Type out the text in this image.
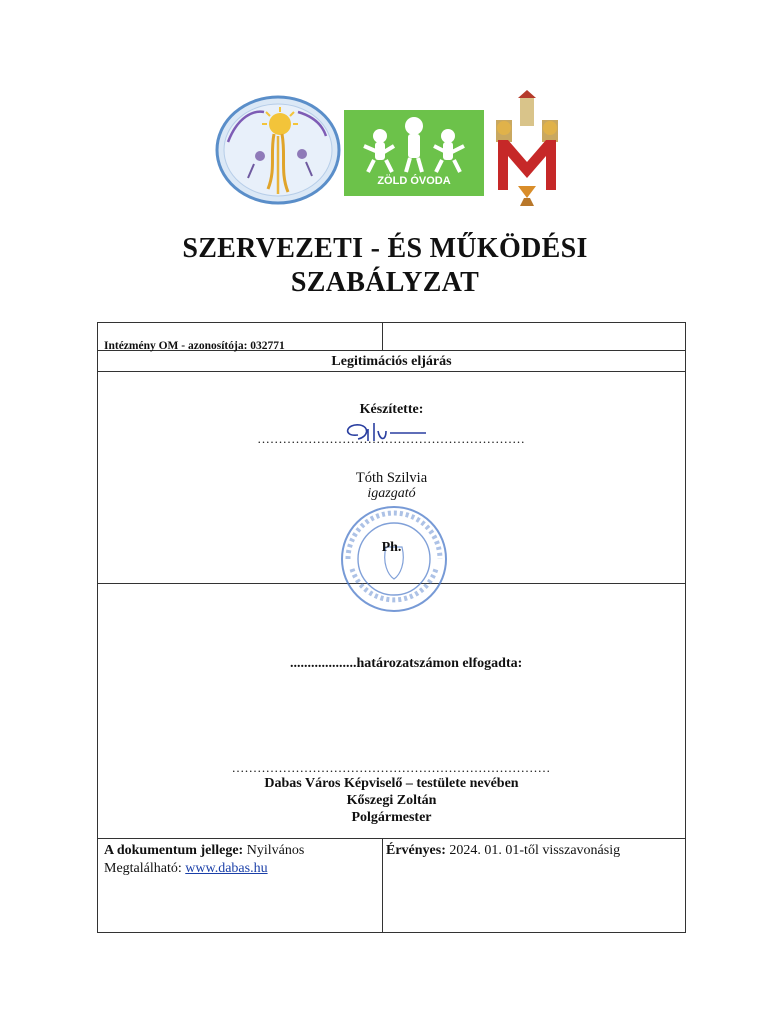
ZÖLD ÓVODA
SZERVEZETI - ÉS MŰKÖDÉSI
SZABÁLYZAT
Intézmény OM - azonosítója: 032771
Legitimációs eljárás
Készítette:
...............................................................
Tóth Szilvia
igazgató
Ph.
...................határozatszámon elfogadta:
...........................................................................
Dabas Város Képviselő – testülete nevében
Kőszegi Zoltán
Polgármester
A dokumentum jellege: Nyilvános
Megtalálható: www.dabas.hu
Érvényes: 2024. 01. 01-től visszavonásig
